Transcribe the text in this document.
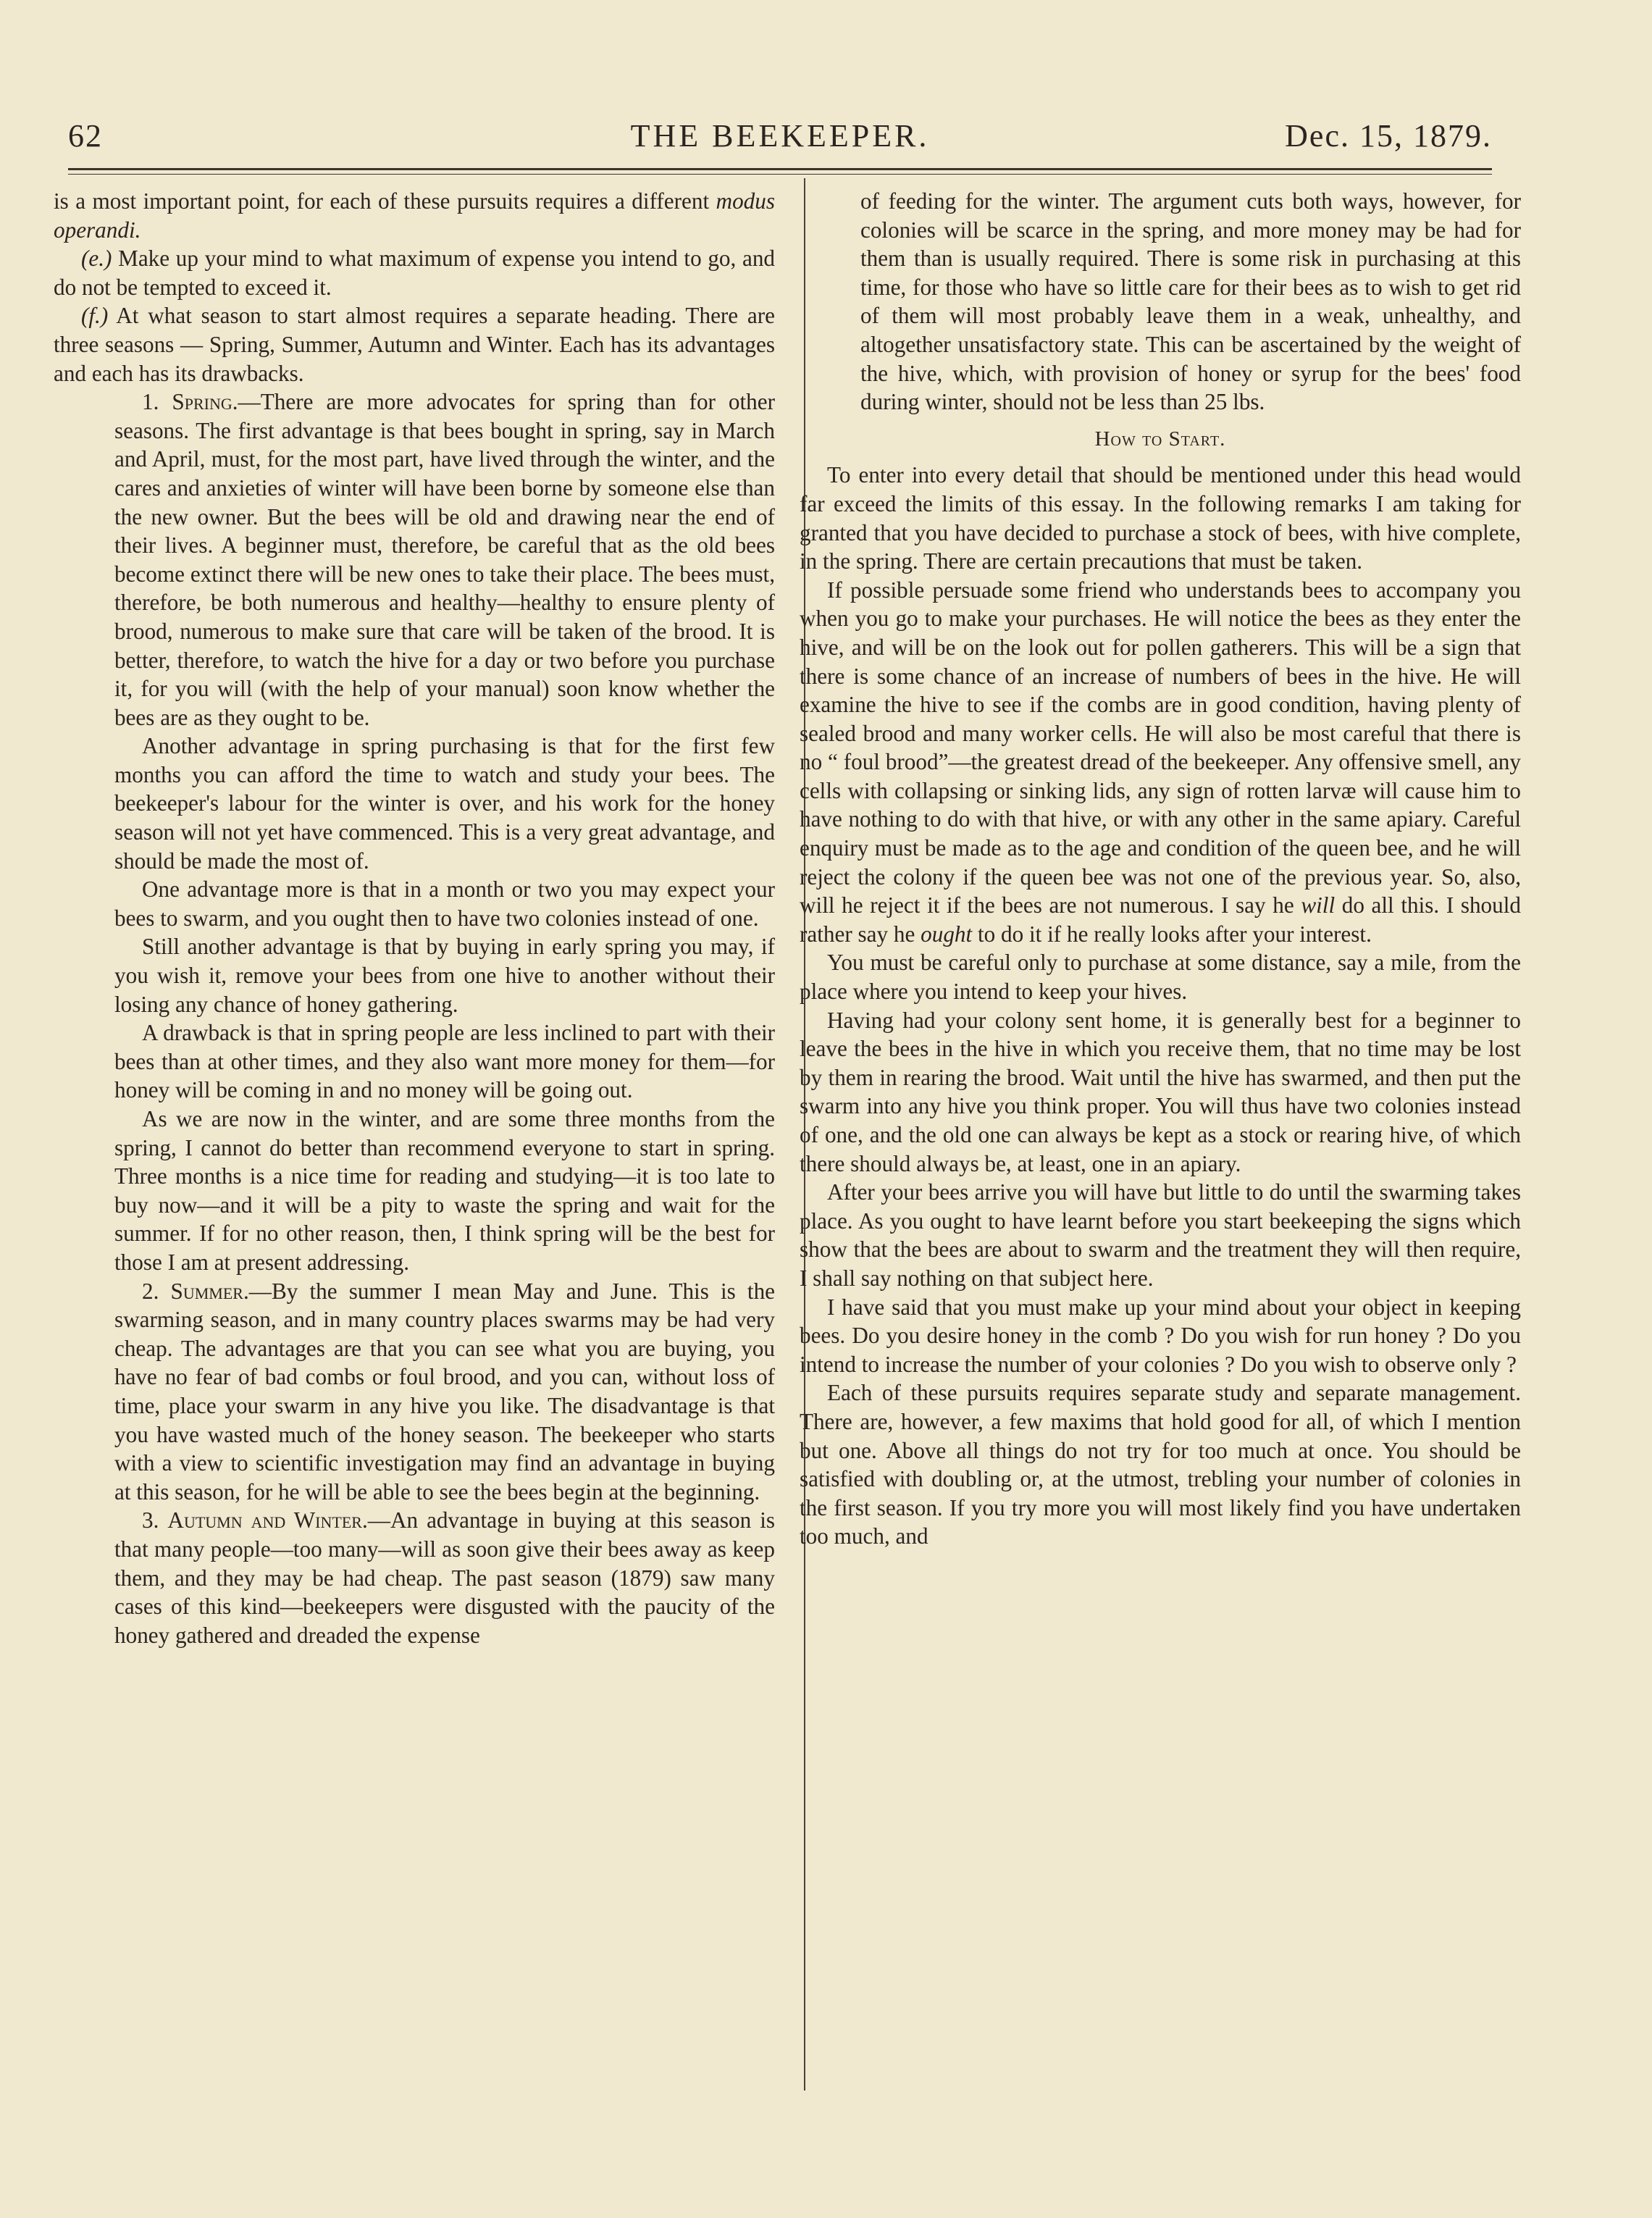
62	THE BEEKEEPER.	Dec. 15, 1879.

is a most important point, for each of these pursuits requires a different modus operandi.

(e.) Make up your mind to what maximum of expense you intend to go, and do not be tempted to exceed it.

(f.) At what season to start almost requires a separate heading. There are three seasons — Spring, Summer, Autumn and Winter. Each has its advantages and each has its drawbacks.

1. Spring.—There are more advocates for spring than for other seasons. The first advantage is that bees bought in spring, say in March and April, must, for the most part, have lived through the winter, and the cares and anxieties of winter will have been borne by someone else than the new owner. But the bees will be old and drawing near the end of their lives. A beginner must, therefore, be careful that as the old bees become extinct there will be new ones to take their place. The bees must, therefore, be both numerous and healthy—healthy to ensure plenty of brood, numerous to make sure that care will be taken of the brood. It is better, therefore, to watch the hive for a day or two before you purchase it, for you will (with the help of your manual) soon know whether the bees are as they ought to be.

Another advantage in spring purchasing is that for the first few months you can afford the time to watch and study your bees. The beekeeper's labour for the winter is over, and his work for the honey season will not yet have commenced. This is a very great advantage, and should be made the most of.

One advantage more is that in a month or two you may expect your bees to swarm, and you ought then to have two colonies instead of one.

Still another advantage is that by buying in early spring you may, if you wish it, remove your bees from one hive to another without their losing any chance of honey gathering.

A drawback is that in spring people are less inclined to part with their bees than at other times, and they also want more money for them—for honey will be coming in and no money will be going out.

As we are now in the winter, and are some three months from the spring, I cannot do better than recommend everyone to start in spring. Three months is a nice time for reading and studying—it is too late to buy now—and it will be a pity to waste the spring and wait for the summer. If for no other reason, then, I think spring will be the best for those I am at present addressing.

2. Summer.—By the summer I mean May and June. This is the swarming season, and in many country places swarms may be had very cheap. The advantages are that you can see what you are buying, you have no fear of bad combs or foul brood, and you can, without loss of time, place your swarm in any hive you like. The disadvantage is that you have wasted much of the honey season. The beekeeper who starts with a view to scientific investigation may find an advantage in buying at this season, for he will be able to see the bees begin at the beginning.

3. Autumn and Winter.—An advantage in buying at this season is that many people—too many—will as soon give their bees away as keep them, and they may be had cheap. The past season (1879) saw many cases of this kind—beekeepers were disgusted with the paucity of the honey gathered and dreaded the expense

of feeding for the winter. The argument cuts both ways, however, for colonies will be scarce in the spring, and more money may be had for them than is usually required. There is some risk in purchasing at this time, for those who have so little care for their bees as to wish to get rid of them will most probably leave them in a weak, unhealthy, and altogether unsatisfactory state. This can be ascertained by the weight of the hive, which, with provision of honey or syrup for the bees' food during winter, should not be less than 25 lbs.

How to Start.

To enter into every detail that should be mentioned under this head would far exceed the limits of this essay. In the following remarks I am taking for granted that you have decided to purchase a stock of bees, with hive complete, in the spring. There are certain precautions that must be taken.

If possible persuade some friend who understands bees to accompany you when you go to make your purchases. He will notice the bees as they enter the hive, and will be on the look out for pollen gatherers. This will be a sign that there is some chance of an increase of numbers of bees in the hive. He will examine the hive to see if the combs are in good condition, having plenty of sealed brood and many worker cells. He will also be most careful that there is no “ foul brood”—the greatest dread of the beekeeper. Any offensive smell, any cells with collapsing or sinking lids, any sign of rotten larvæ will cause him to have nothing to do with that hive, or with any other in the same apiary. Careful enquiry must be made as to the age and condition of the queen bee, and he will reject the colony if the queen bee was not one of the previous year. So, also, will he reject it if the bees are not numerous. I say he will do all this. I should rather say he ought to do it if he really looks after your interest.

You must be careful only to purchase at some distance, say a mile, from the place where you intend to keep your hives.

Having had your colony sent home, it is generally best for a beginner to leave the bees in the hive in which you receive them, that no time may be lost by them in rearing the brood. Wait until the hive has swarmed, and then put the swarm into any hive you think proper. You will thus have two colonies instead of one, and the old one can always be kept as a stock or rearing hive, of which there should always be, at least, one in an apiary.

After your bees arrive you will have but little to do until the swarming takes place. As you ought to have learnt before you start beekeeping the signs which show that the bees are about to swarm and the treatment they will then require, I shall say nothing on that subject here.

I have said that you must make up your mind about your object in keeping bees. Do you desire honey in the comb ? Do you wish for run honey ? Do you intend to increase the number of your colonies ? Do you wish to observe only ?

Each of these pursuits requires separate study and separate management. There are, however, a few maxims that hold good for all, of which I mention but one. Above all things do not try for too much at once. You should be satisfied with doubling or, at the utmost, trebling your number of colonies in the first season. If you try more you will most likely find you have undertaken too much, and
